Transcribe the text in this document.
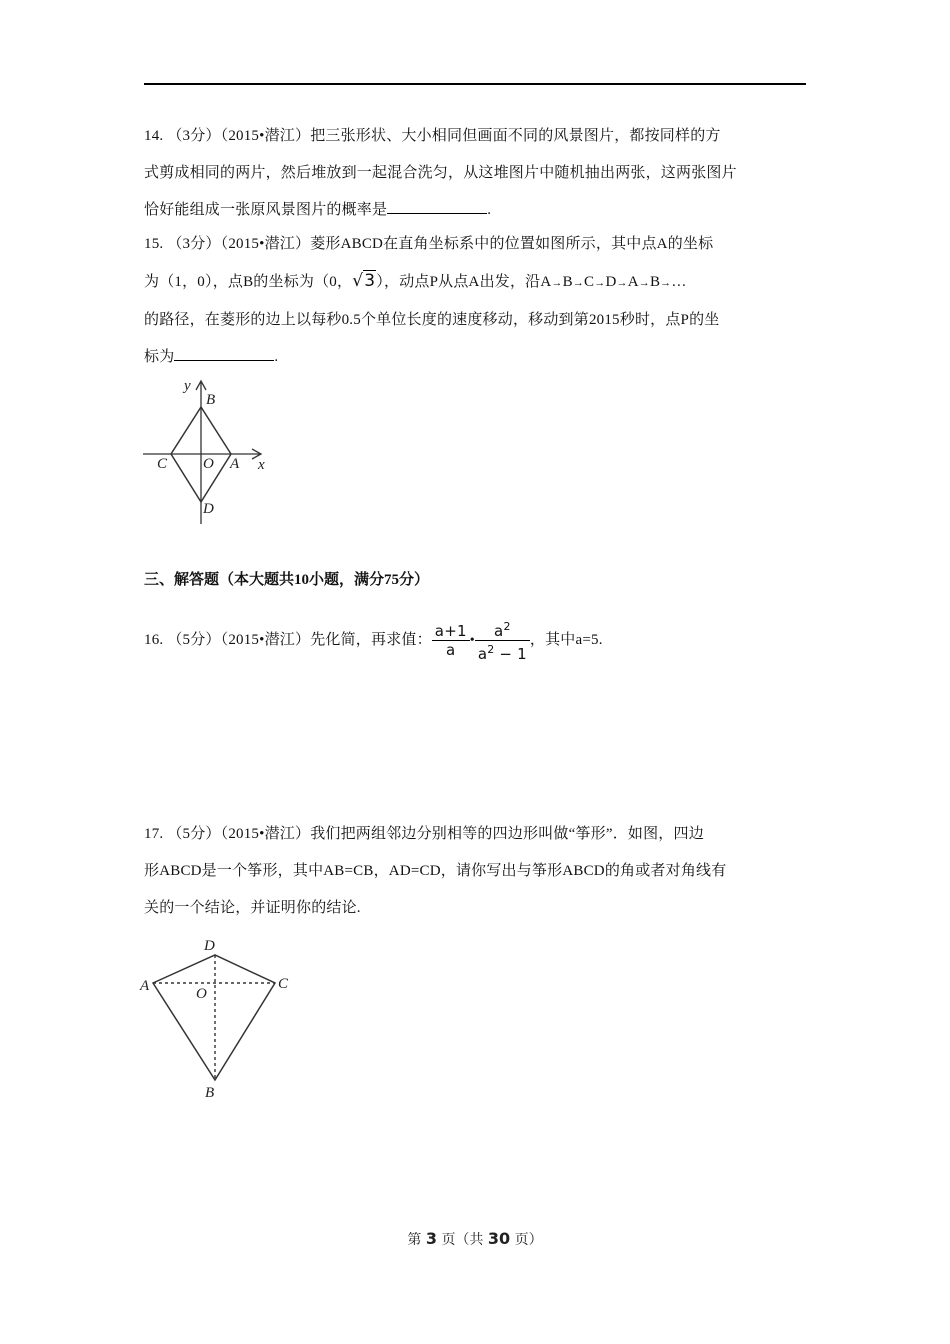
14. （3分）（2015•潜江）把三张形状、大小相同但画面不同的风景图片，都按同样的方
式剪成相同的两片，然后堆放到一起混合洗匀，从这堆图片中随机抽出两张，这两张图片
恰好能组成一张原风景图片的概率是	.
15. （3分）（2015•潜江）菱形ABCD在直角坐标系中的位置如图所示，其中点A的坐标
为（1，0），点B的坐标为（0，√3），动点P从点A出发，沿A→B→C→D→A→B→…
的路径，在菱形的边上以每秒0.5个单位长度的速度移动，移动到第2015秒时，点P的坐
标为	.
y
x
B
C O A
D
三、解答题（本大题共10小题，满分75分）
16. （5分）（2015•潜江）先化简，再求值： $\frac{a+1}{a}$ • $\frac{a^2}{a^2 - 1}$ ，其中a=5.
17. （5分）（2015•潜江）我们把两组邻边分别相等的四边形叫做“筝形”．如图，四边
形ABCD是一个筝形，其中AB=CB，AD=CD，请你写出与筝形ABCD的角或者对角线有
关的一个结论，并证明你的结论.
D
A	C
O
B
第 3 页（共 30 页）
